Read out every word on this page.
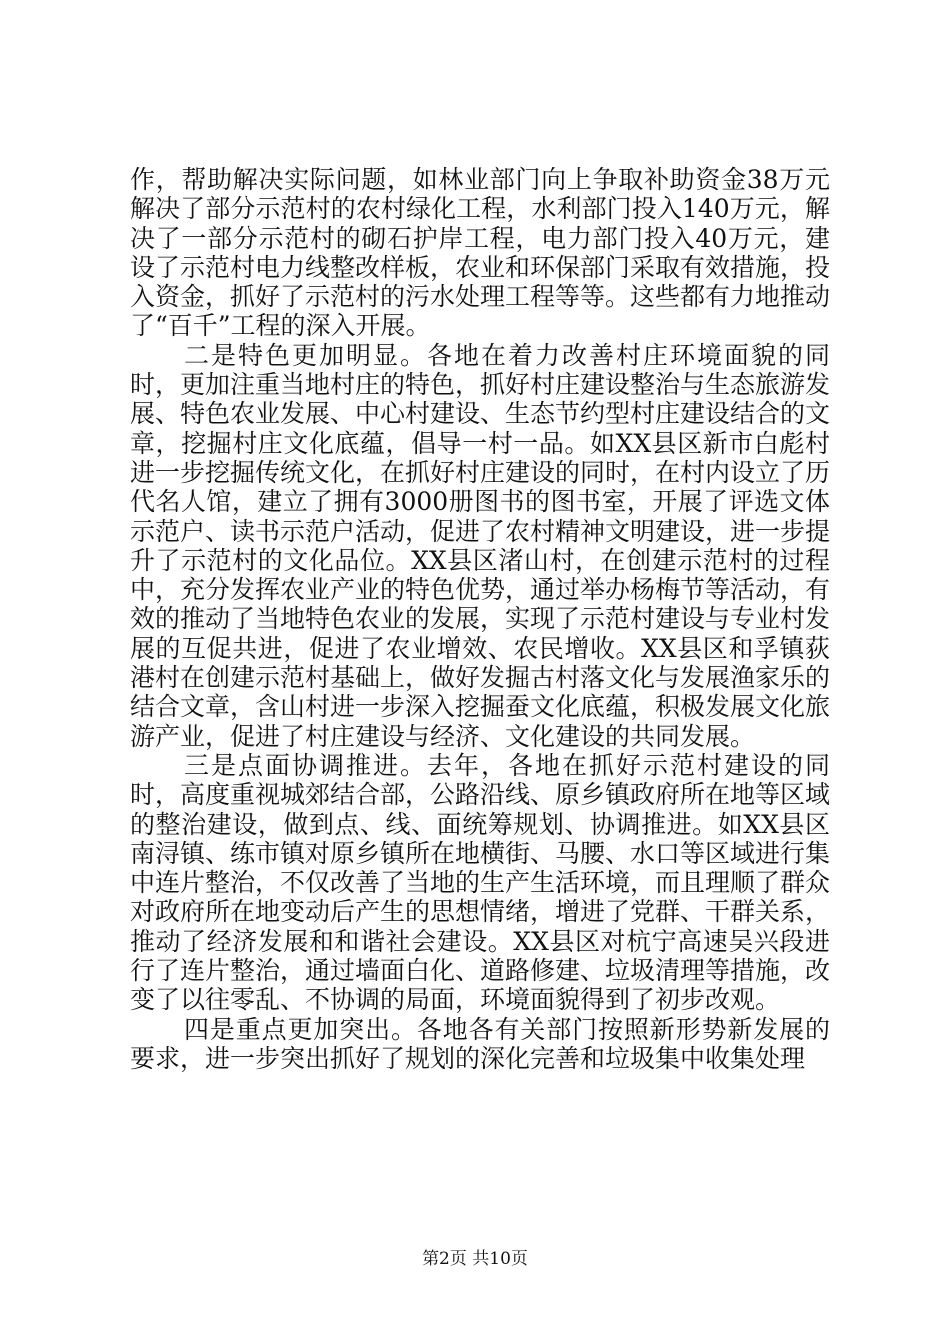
作，帮助解决实际问题，如林业部门向上争取补助资金38万元解决了部分示范村的农村绿化工程，水利部门投入140万元，解决了一部分示范村的砌石护岸工程，电力部门投入40万元，建设了示范村电力线整改样板，农业和环保部门采取有效措施，投入资金，抓好了示范村的污水处理工程等等。这些都有力地推动了“百千”工程的深入开展。

二是特色更加明显。各地在着力改善村庄环境面貌的同时，更加注重当地村庄的特色，抓好村庄建设整治与生态旅游发展、特色农业发展、中心村建设、生态节约型村庄建设结合的文章，挖掘村庄文化底蕴，倡导一村一品。如XX县区新市白彪村进一步挖掘传统文化，在抓好村庄建设的同时，在村内设立了历代名人馆，建立了拥有3000册图书的图书室，开展了评选文体示范户、读书示范户活动，促进了农村精神文明建设，进一步提升了示范村的文化品位。XX县区渚山村，在创建示范村的过程中，充分发挥农业产业的特色优势，通过举办杨梅节等活动，有效的推动了当地特色农业的发展，实现了示范村建设与专业村发展的互促共进，促进了农业增效、农民增收。XX县区和孚镇荻港村在创建示范村基础上，做好发掘古村落文化与发展渔家乐的结合文章，含山村进一步深入挖掘蚕文化底蕴，积极发展文化旅游产业，促进了村庄建设与经济、文化建设的共同发展。

三是点面协调推进。去年，各地在抓好示范村建设的同时，高度重视城郊结合部，公路沿线、原乡镇政府所在地等区域的整治建设，做到点、线、面统筹规划、协调推进。如XX县区南浔镇、练市镇对原乡镇所在地横街、马腰、水口等区域进行集中连片整治，不仅改善了当地的生产生活环境，而且理顺了群众对政府所在地变动后产生的思想情绪，增进了党群、干群关系，推动了经济发展和和谐社会建设。XX县区对杭宁高速吴兴段进行了连片整治，通过墙面白化、道路修建、垃圾清理等措施，改变了以往零乱、不协调的局面，环境面貌得到了初步改观。

四是重点更加突出。各地各有关部门按照新形势新发展的要求，进一步突出抓好了规划的深化完善和垃圾集中收集处理

第2页 共10页
